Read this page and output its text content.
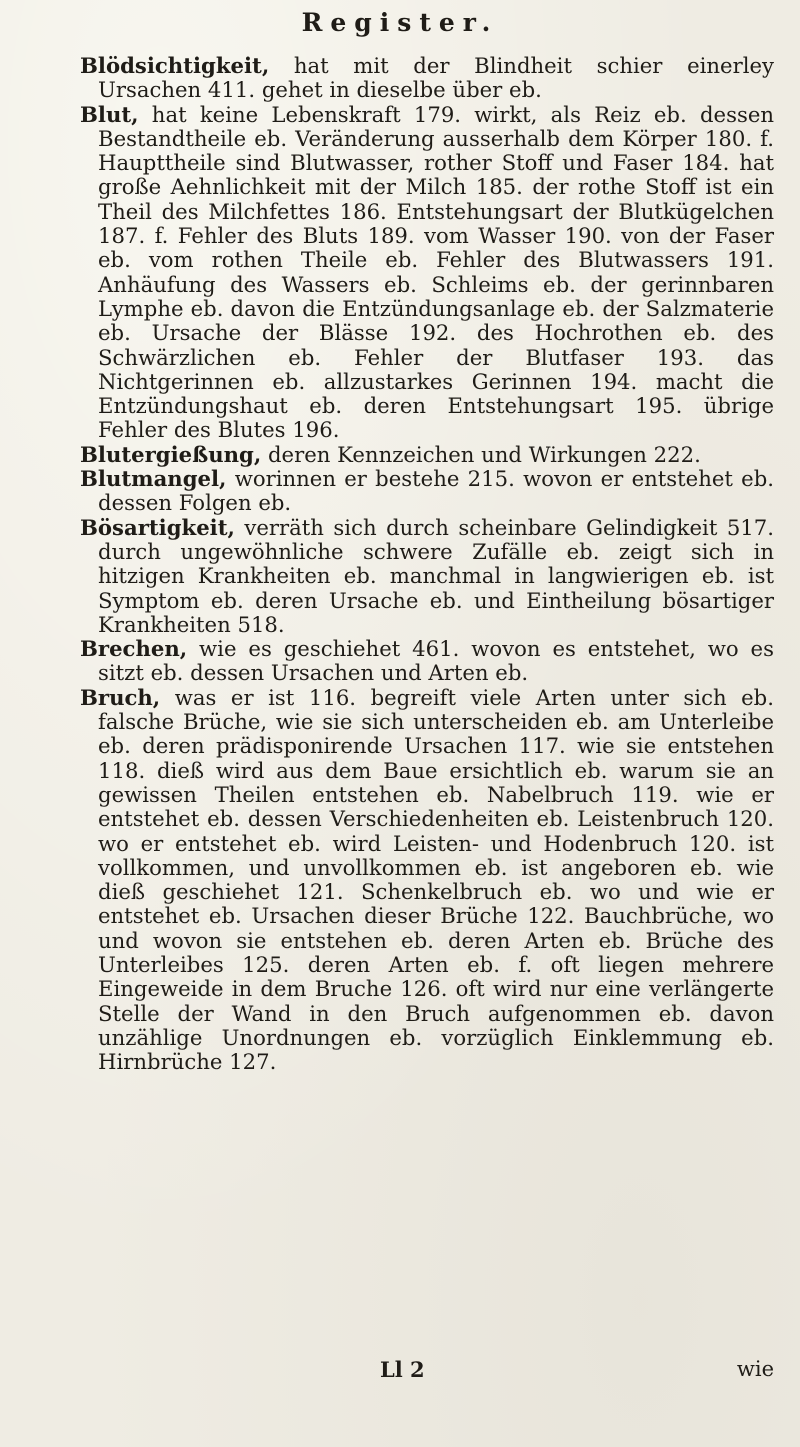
Register.

Blödsichtigkeit, hat mit der Blindheit schier einerley Ursachen 411. gehet in dieselbe über eb.

Blut, hat keine Lebenskraft 179. wirkt, als Reiz eb. dessen Bestandtheile eb. Veränderung ausserhalb dem Körper 180. f. Haupttheile sind Blutwasser, rother Stoff und Faser 184. hat große Aehnlichkeit mit der Milch 185. der rothe Stoff ist ein Theil des Milchfettes 186. Entstehungsart der Blutkügelchen 187. f. Fehler des Bluts 189. vom Wasser 190. von der Faser eb. vom rothen Theile eb. Fehler des Blutwassers 191. Anhäufung des Wassers eb. Schleims eb. der gerinnbaren Lymphe eb. davon die Entzündungsanlage eb. der Salzmaterie eb. Ursache der Blässe 192. des Hochrothen eb. des Schwärzlichen eb. Fehler der Blutfaser 193. das Nichtgerinnen eb. allzustarkes Gerinnen 194. macht die Entzündungshaut eb. deren Entstehungsart 195. übrige Fehler des Blutes 196.

Blutergießung, deren Kennzeichen und Wirkungen 222.

Blutmangel, worinnen er bestehe 215. wovon er entstehet eb. dessen Folgen eb.

Bösartigkeit, verräth sich durch scheinbare Gelindigkeit 517. durch ungewöhnliche schwere Zufälle eb. zeigt sich in hitzigen Krankheiten eb. manchmal in langwierigen eb. ist Symptom eb. deren Ursache eb. und Eintheilung bösartiger Krankheiten 518.

Brechen, wie es geschiehet 461. wovon es entstehet, wo es sitzt eb. dessen Ursachen und Arten eb.

Bruch, was er ist 116. begreift viele Arten unter sich eb. falsche Brüche, wie sie sich unterscheiden eb. am Unterleibe eb. deren prädisponirende Ursachen 117. wie sie entstehen 118. dieß wird aus dem Baue ersichtlich eb. warum sie an gewissen Theilen entstehen eb. Nabelbruch 119. wie er entstehet eb. dessen Verschiedenheiten eb. Leistenbruch 120. wo er entstehet eb. wird Leisten- und Hodenbruch 120. ist vollkommen, und unvollkommen eb. ist angeboren eb. wie dieß geschiehet 121. Schenkelbruch eb. wo und wie er entstehet eb. Ursachen dieser Brüche 122. Bauchbrüche, wo und wovon sie entstehen eb. deren Arten eb. Brüche des Unterleibes 125. deren Arten eb. f. oft liegen mehrere Eingeweide in dem Bruche 126. oft wird nur eine verlängerte Stelle der Wand in den Bruch aufgenommen eb. davon unzählige Unordnungen eb. vorzüglich Einklemmung eb. Hirnbrüche 127.

Ll 2	wie
